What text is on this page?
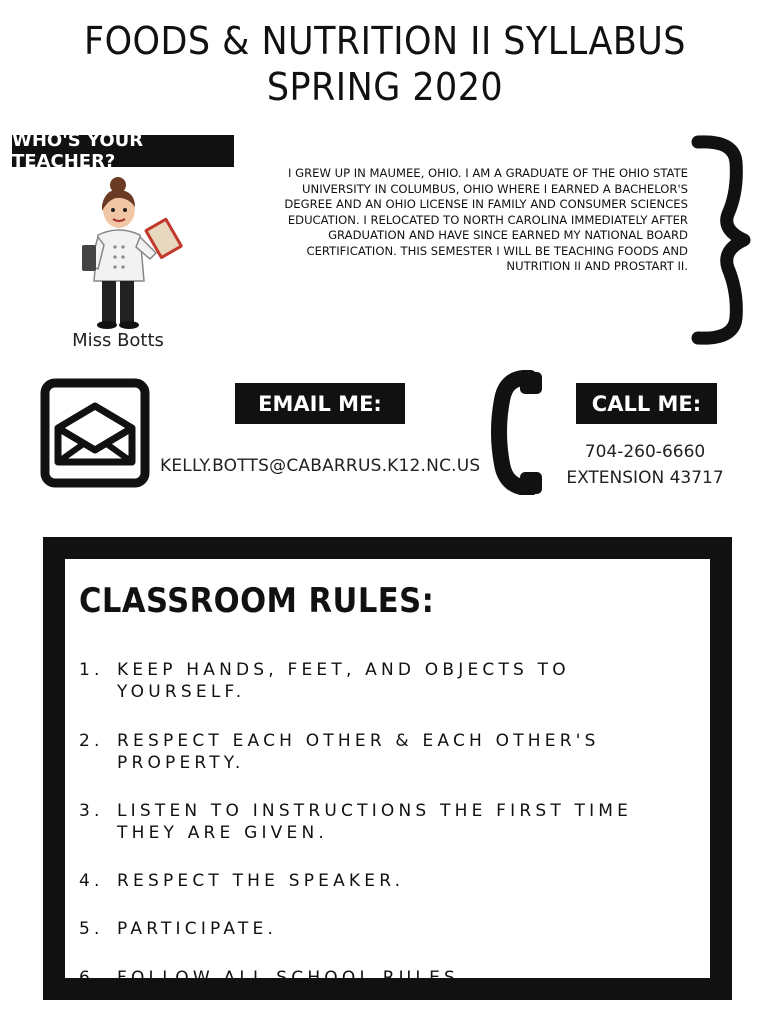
FOODS & NUTRITION II SYLLABUS
SPRING 2020
WHO'S YOUR TEACHER?
Miss Botts
I GREW UP IN MAUMEE, OHIO. I AM A GRADUATE OF THE OHIO STATE UNIVERSITY IN COLUMBUS, OHIO WHERE I EARNED A BACHELOR'S DEGREE AND AN OHIO LICENSE IN FAMILY AND CONSUMER SCIENCES EDUCATION. I RELOCATED TO NORTH CAROLINA IMMEDIATELY AFTER GRADUATION AND HAVE SINCE EARNED MY NATIONAL BOARD CERTIFICATION. THIS SEMESTER I WILL BE TEACHING FOODS AND NUTRITION II AND PROSTART II.
EMAIL ME:
KELLY.BOTTS@CABARRUS.K12.NC.US
CALL ME:
704-260-6660
EXTENSION 43717
CLASSROOM RULES:
1. KEEP HANDS, FEET, AND OBJECTS TO YOURSELF.
2. RESPECT EACH OTHER & EACH OTHER'S PROPERTY.
3. LISTEN TO INSTRUCTIONS THE FIRST TIME THEY ARE GIVEN.
4. RESPECT THE SPEAKER.
5. PARTICIPATE.
6. FOLLOW ALL SCHOOL RULES.
